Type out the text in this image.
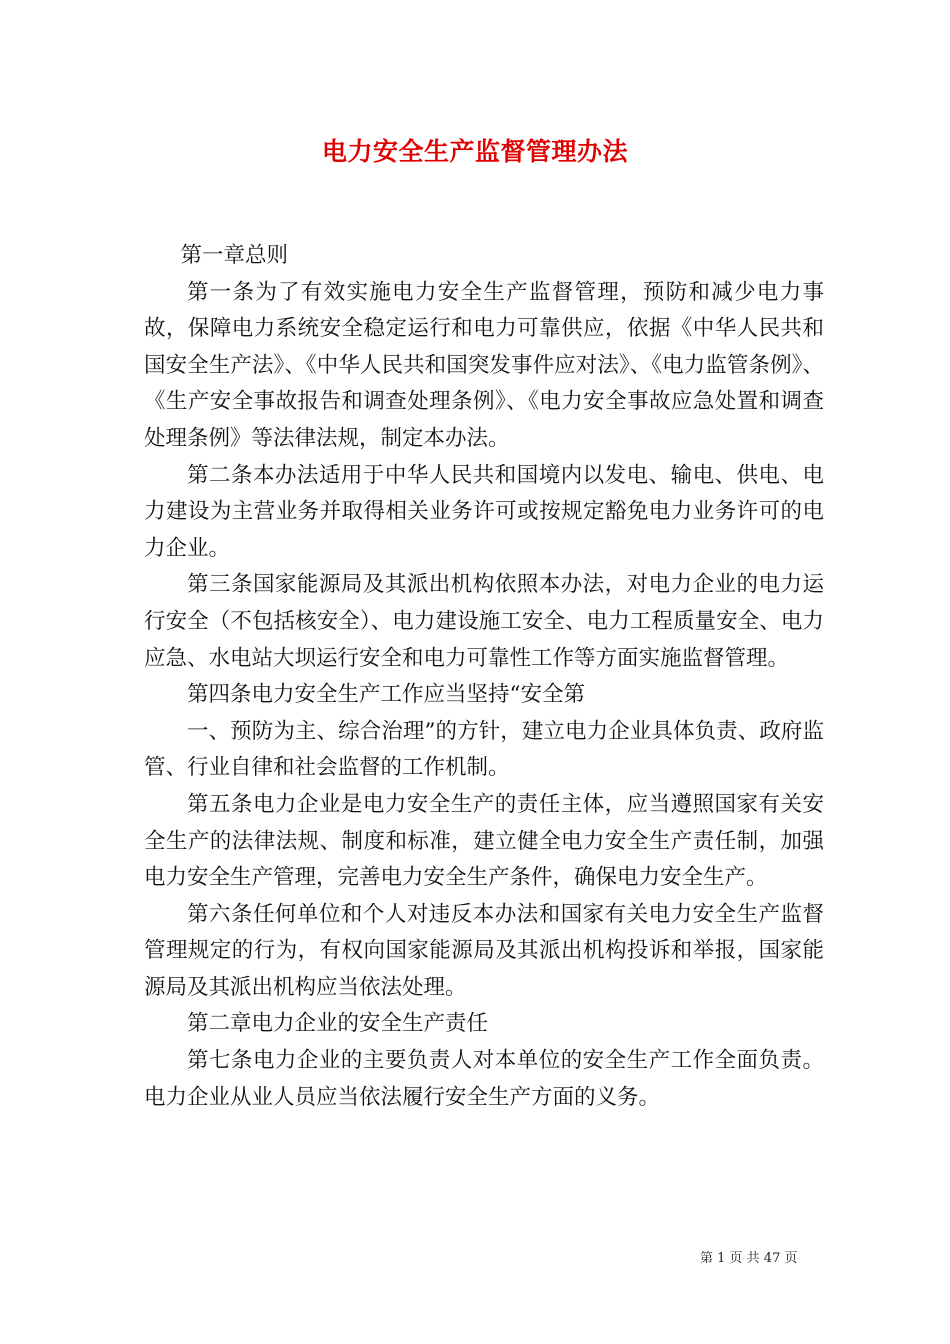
电力安全生产监督管理办法

第一章总则

第一条为了有效实施电力安全生产监督管理，预防和减少电力事故，保障电力系统安全稳定运行和电力可靠供应，依据《中华人民共和国安全生产法》、《中华人民共和国突发事件应对法》、《电力监管条例》、《生产安全事故报告和调查处理条例》、《电力安全事故应急处置和调查处理条例》等法律法规，制定本办法。

第二条本办法适用于中华人民共和国境内以发电、输电、供电、电力建设为主营业务并取得相关业务许可或按规定豁免电力业务许可的电力企业。

第三条国家能源局及其派出机构依照本办法，对电力企业的电力运行安全（不包括核安全）、电力建设施工安全、电力工程质量安全、电力应急、水电站大坝运行安全和电力可靠性工作等方面实施监督管理。

第四条电力安全生产工作应当坚持“安全第

一、预防为主、综合治理”的方针，建立电力企业具体负责、政府监管、行业自律和社会监督的工作机制。

第五条电力企业是电力安全生产的责任主体，应当遵照国家有关安全生产的法律法规、制度和标准，建立健全电力安全生产责任制，加强电力安全生产管理，完善电力安全生产条件，确保电力安全生产。

第六条任何单位和个人对违反本办法和国家有关电力安全生产监督管理规定的行为，有权向国家能源局及其派出机构投诉和举报，国家能源局及其派出机构应当依法处理。

第二章电力企业的安全生产责任

第七条电力企业的主要负责人对本单位的安全生产工作全面负责。电力企业从业人员应当依法履行安全生产方面的义务。

第 1 页 共 47 页
